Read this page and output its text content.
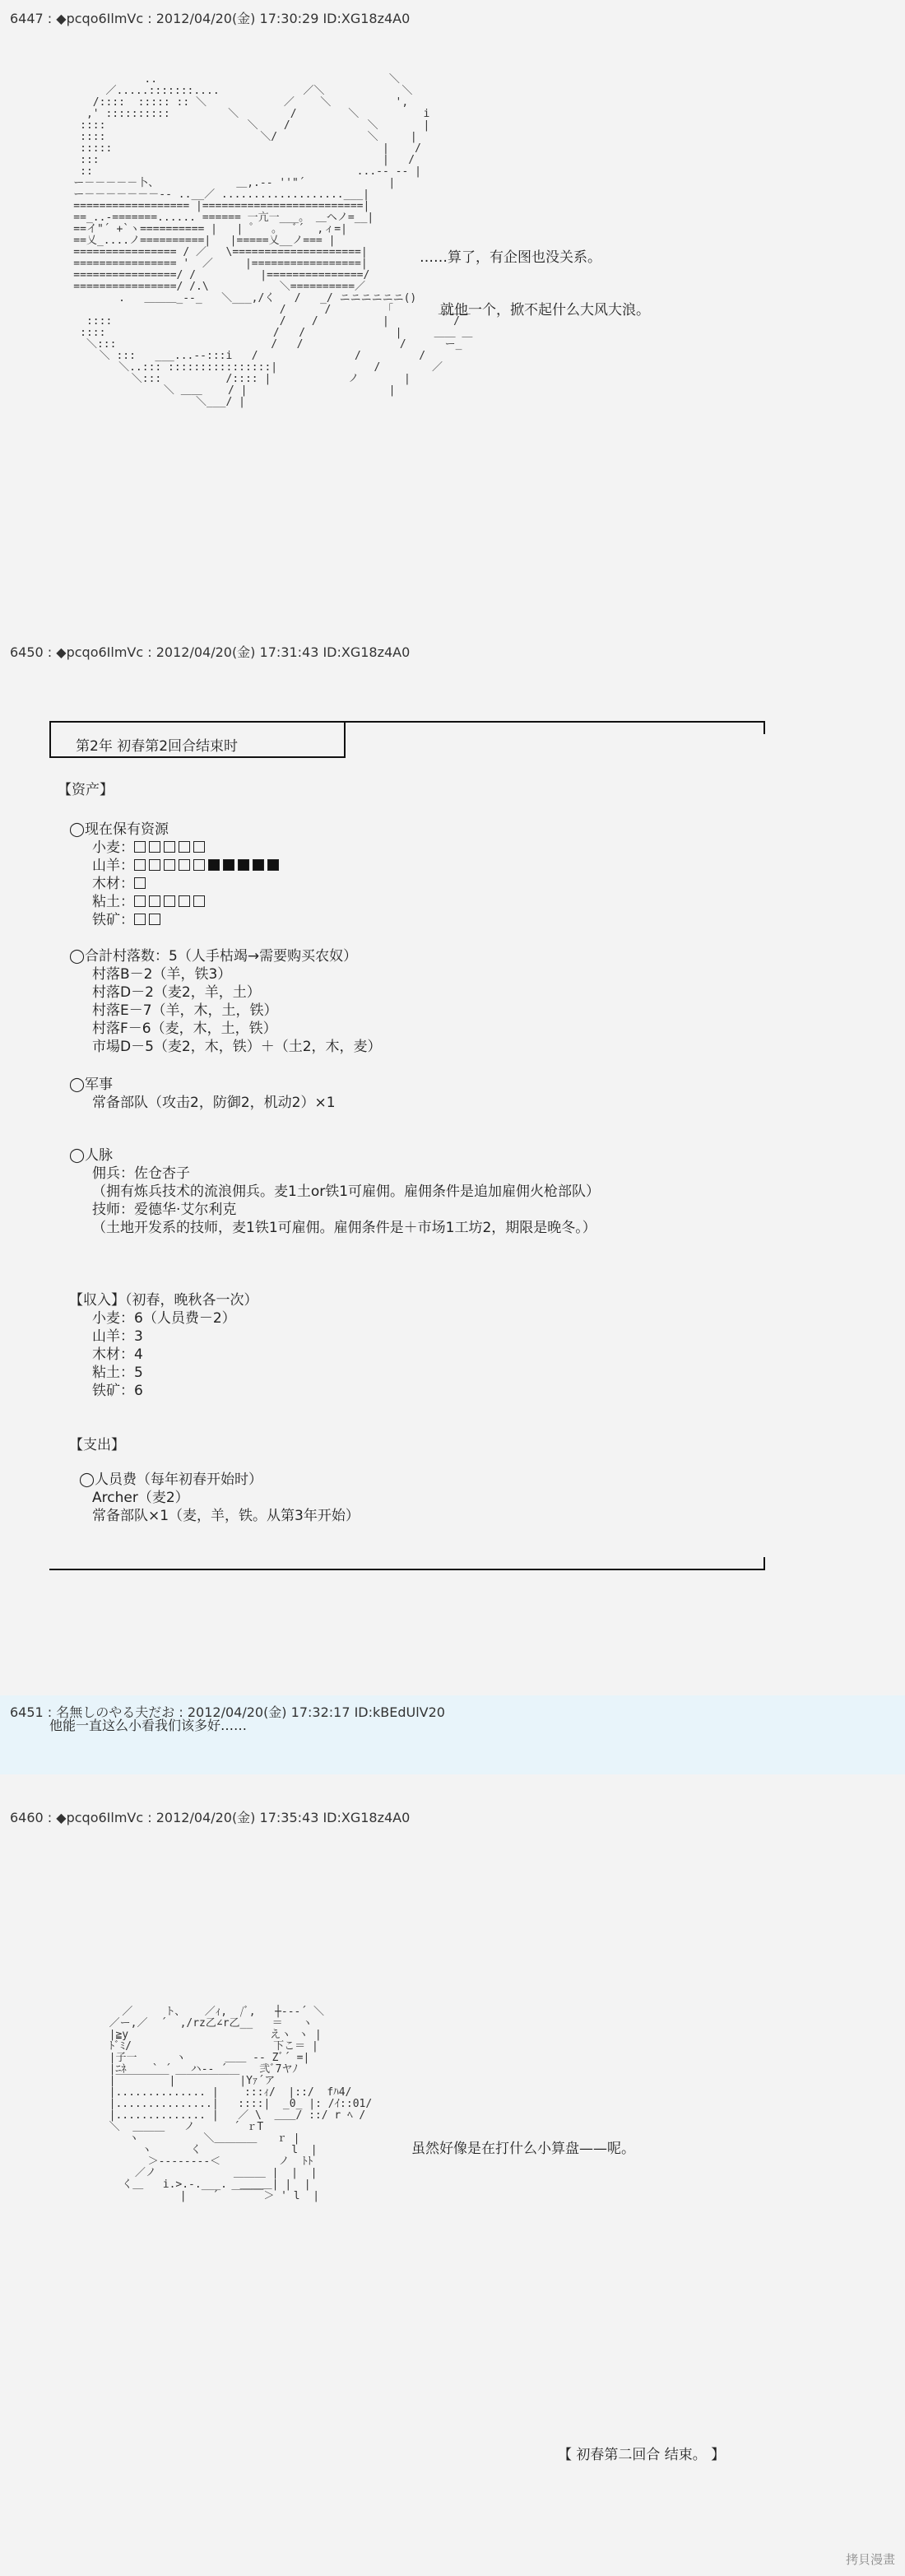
6447 : ◆pcqo6IlmVc : 2012/04/20(金) 17:30:29 ID:XG18z4A0
..                                    ＼
／.....:::::::....             ／＼            ＼
/::::  ::::: :: ＼            ／    ＼          ',
,' ::::::::::         ＼        /        ＼          i
::::                      ＼    /            ＼       |
::::                        ＼/              ＼     |
:::::                                          |    /
:::                                            |   /
::                                         ...-- -- |
ー－－－－－卜、            ＿,.-‐ ''"´             |
ー－－－－－－－-- ..__／ ...................___|
================== |=========================|
==_..-=======...... ====== 一亢一___。 ＿ヘノ=__|
==イ"´ +`ヽ========== |   |  ゚   ｡   ﾞ´  ,ィ=|
==乂_....ノ==========|   |=====乂__ノ=== |
================ / ／   \====================|
================ '  ／     |=================|
================/ /          |===============/
================/ /.\           ＼==========／
.   ＿＿＿_--_   ＼___,/く   /   _/ ニニニニニニ()
/      /        「       ＿＿＿
::::                          /    /          |          /
::::                          /   /              |     ＿＿ ＿
＼:::                        /   /               /      ー_
＼ :::   ___...--:::i   /               /         /
＼..::: ::::::::::::::::|               /        ／
＼:::          /:::: |            ノ       |
＼ ＿＿    / |                      |
＼___/ |

……算了，有企图也没关系。
就他一个，掀不起什么大风大浪。
6450 : ◆pcqo6IlmVc : 2012/04/20(金) 17:31:43 ID:XG18z4A0
第2年 初春第2回合结束时
【资产】
◯现在保有资源
小麦：
山羊：
木材：
粘土：
铁矿：
◯合計村落数：5（人手枯竭→需要购买农奴）
村落B－2（羊，铁3）
村落D－2（麦2，羊，土）
村落E－7（羊，木，土，铁）
村落F－6（麦，木，土，铁）
市場D－5（麦2，木，铁）＋（土2，木，麦）
◯军事
常备部队（攻击2，防御2，机动2）×1
◯人脉
佣兵：佐仓杏子
（拥有炼兵技术的流浪佣兵。麦1土or铁1可雇佣。雇佣条件是追加雇佣火枪部队）
技师：爱德华·艾尔利克
（土地开发系的技师，麦1铁1可雇佣。雇佣条件是＋市场1工坊2，期限是晚冬。）
【収入】（初春，晚秋各一次）
小麦：6（人员费－2）
山羊：3
木材：4
粘土：5
铁矿：6
【支出】
◯人员费（每年初春开始时）
Archer（麦2）
常备部队×1（麦，羊，铁。从第3年开始）
6451 : 名無しのやる夫だお : 2012/04/20(金) 17:32:17 ID:kBEdUlV20
他能一直这么小看我们该多好……
6460 : ◆pcqo6IlmVc : 2012/04/20(金) 17:35:43 ID:XG18z4A0
／     ト、   ／ｨ,  /ﾞ,   ┼---´ ＼
／ー,／  ´  ,/rz乙∠r乙__   ＝   ヽ
|≧y                      えヽ ヽ |
ﾄﾞﾐ/                      下こ＝ |
|子一      ヽ      ＿＿ -- Zﾞ´ =|
|ﾆﾈ    ` ´   ハ-- ´     弐ﾞ7ヤﾉ
|￣￣￣￣￣|￣￣￣￣￣￣|Yｧ´ア
|.............. |    :::ｨ/  |::/  fﾊ4/
|...............|   ::::|  _0_ |: /ｲ::01/
|.............. |   ／ \  ＿＿/ ::/ r ﾍ /
＼  ＿＿＿   ノ      ´ ｒT
ヽ          ＼＿＿＿＿   ｒ |
ヽ      く              l  |
＞--------＜         ノ  ﾄﾄ
／ノ            ＿＿＿ |  |  |
く＿   i.>.-.___.  ＿＿＿| |  |
|    ´  ￣￣￣＞ ' l  |

虽然好像是在打什么小算盘——呢。
【 初春第二回合 结束。 】
拷貝漫畫
